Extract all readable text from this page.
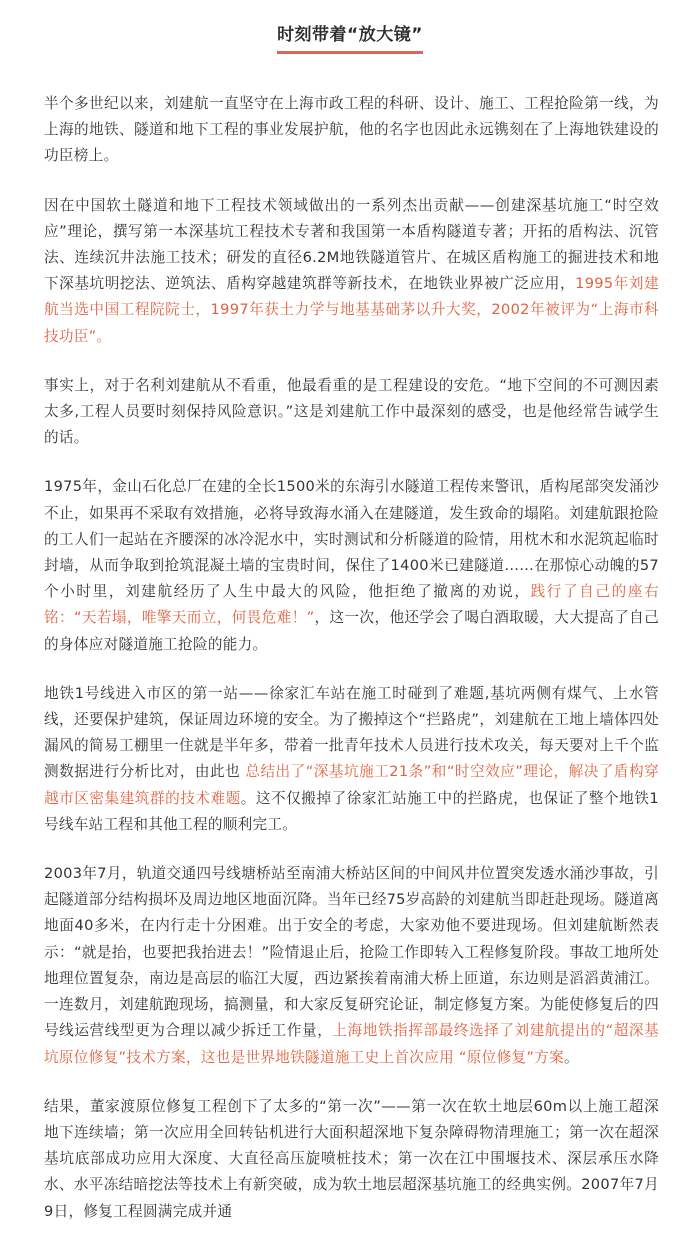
时刻带着“放大镜”

半个多世纪以来，刘建航一直坚守在上海市政工程的科研、设计、施工、工程抢险第一线，为上海的地铁、隧道和地下工程的事业发展护航，他的名字也因此永远镌刻在了上海地铁建设的功臣榜上。

因在中国软土隧道和地下工程技术领域做出的一系列杰出贡献——创建深基坑施工“时空效应”理论，撰写第一本深基坑工程技术专著和我国第一本盾构隧道专著；开拓的盾构法、沉管法、连续沉井法施工技术；研发的直径6.2M地铁隧道管片、在城区盾构施工的掘进技术和地下深基坑明挖法、逆筑法、盾构穿越建筑群等新技术，在地铁业界被广泛应用，1995年刘建航当选中国工程院院士，1997年获土力学与地基基础茅以升大奖，2002年被评为“上海市科技功臣”。

事实上，对于名利刘建航从不看重，他最看重的是工程建设的安危。“地下空间的不可测因素太多,工程人员要时刻保持风险意识。”这是刘建航工作中最深刻的感受，也是他经常告诫学生的话。

1975年，金山石化总厂在建的全长1500米的东海引水隧道工程传来警讯，盾构尾部突发涌沙不止，如果再不采取有效措施，必将导致海水涌入在建隧道，发生致命的塌陷。刘建航跟抢险的工人们一起站在齐腰深的冰冷泥水中，实时测试和分析隧道的险情，用枕木和水泥筑起临时封墙，从而争取到抢筑混凝土墙的宝贵时间，保住了1400米已建隧道……在那惊心动魄的57个小时里，刘建航经历了人生中最大的风险，他拒绝了撤离的劝说，践行了自己的座右铭：“天若塌，唯擎天而立，何畏危难！”，这一次，他还学会了喝白酒取暖，大大提高了自己的身体应对隧道施工抢险的能力。

地铁1号线进入市区的第一站——徐家汇车站在施工时碰到了难题,基坑两侧有煤气、上水管线，还要保护建筑，保证周边环境的安全。为了搬掉这个“拦路虎”，刘建航在工地上墙体四处漏风的简易工棚里一住就是半年多，带着一批青年技术人员进行技术攻关，每天要对上千个监测数据进行分析比对，由此也 总结出了“深基坑施工21条”和“时空效应”理论，解决了盾构穿越市区密集建筑群的技术难题。这不仅搬掉了徐家汇站施工中的拦路虎，也保证了整个地铁1号线车站工程和其他工程的顺利完工。

2003年7月，轨道交通四号线塘桥站至南浦大桥站区间的中间风井位置突发透水涌沙事故，引起隧道部分结构损坏及周边地区地面沉降。当年已经75岁高龄的刘建航当即赶赴现场。隧道离地面40多米，在内行走十分困难。出于安全的考虑，大家劝他不要进现场。但刘建航断然表示：“就是抬，也要把我抬进去！”险情退止后，抢险工作即转入工程修复阶段。事故工地所处地理位置复杂，南边是高层的临江大厦，西边紧挨着南浦大桥上匝道，东边则是滔滔黄浦江。一连数月，刘建航跑现场，搞测量，和大家反复研究论证，制定修复方案。为能使修复后的四号线运营线型更为合理以减少拆迁工作量，上海地铁指挥部最终选择了刘建航提出的“超深基坑原位修复”技术方案，这也是世界地铁隧道施工史上首次应用 “原位修复”方案。

结果，董家渡原位修复工程创下了太多的“第一次”——第一次在软土地层60m以上施工超深地下连续墙；第一次应用全回转钻机进行大面积超深地下复杂障碍物清理施工；第一次在超深基坑底部成功应用大深度、大直径高压旋喷桩技术；第一次在江中围堰技术、深层承压水降水、水平冻结暗挖法等技术上有新突破，成为软土地层超深基坑施工的经典实例。2007年7月9日，修复工程圆满完成并通
